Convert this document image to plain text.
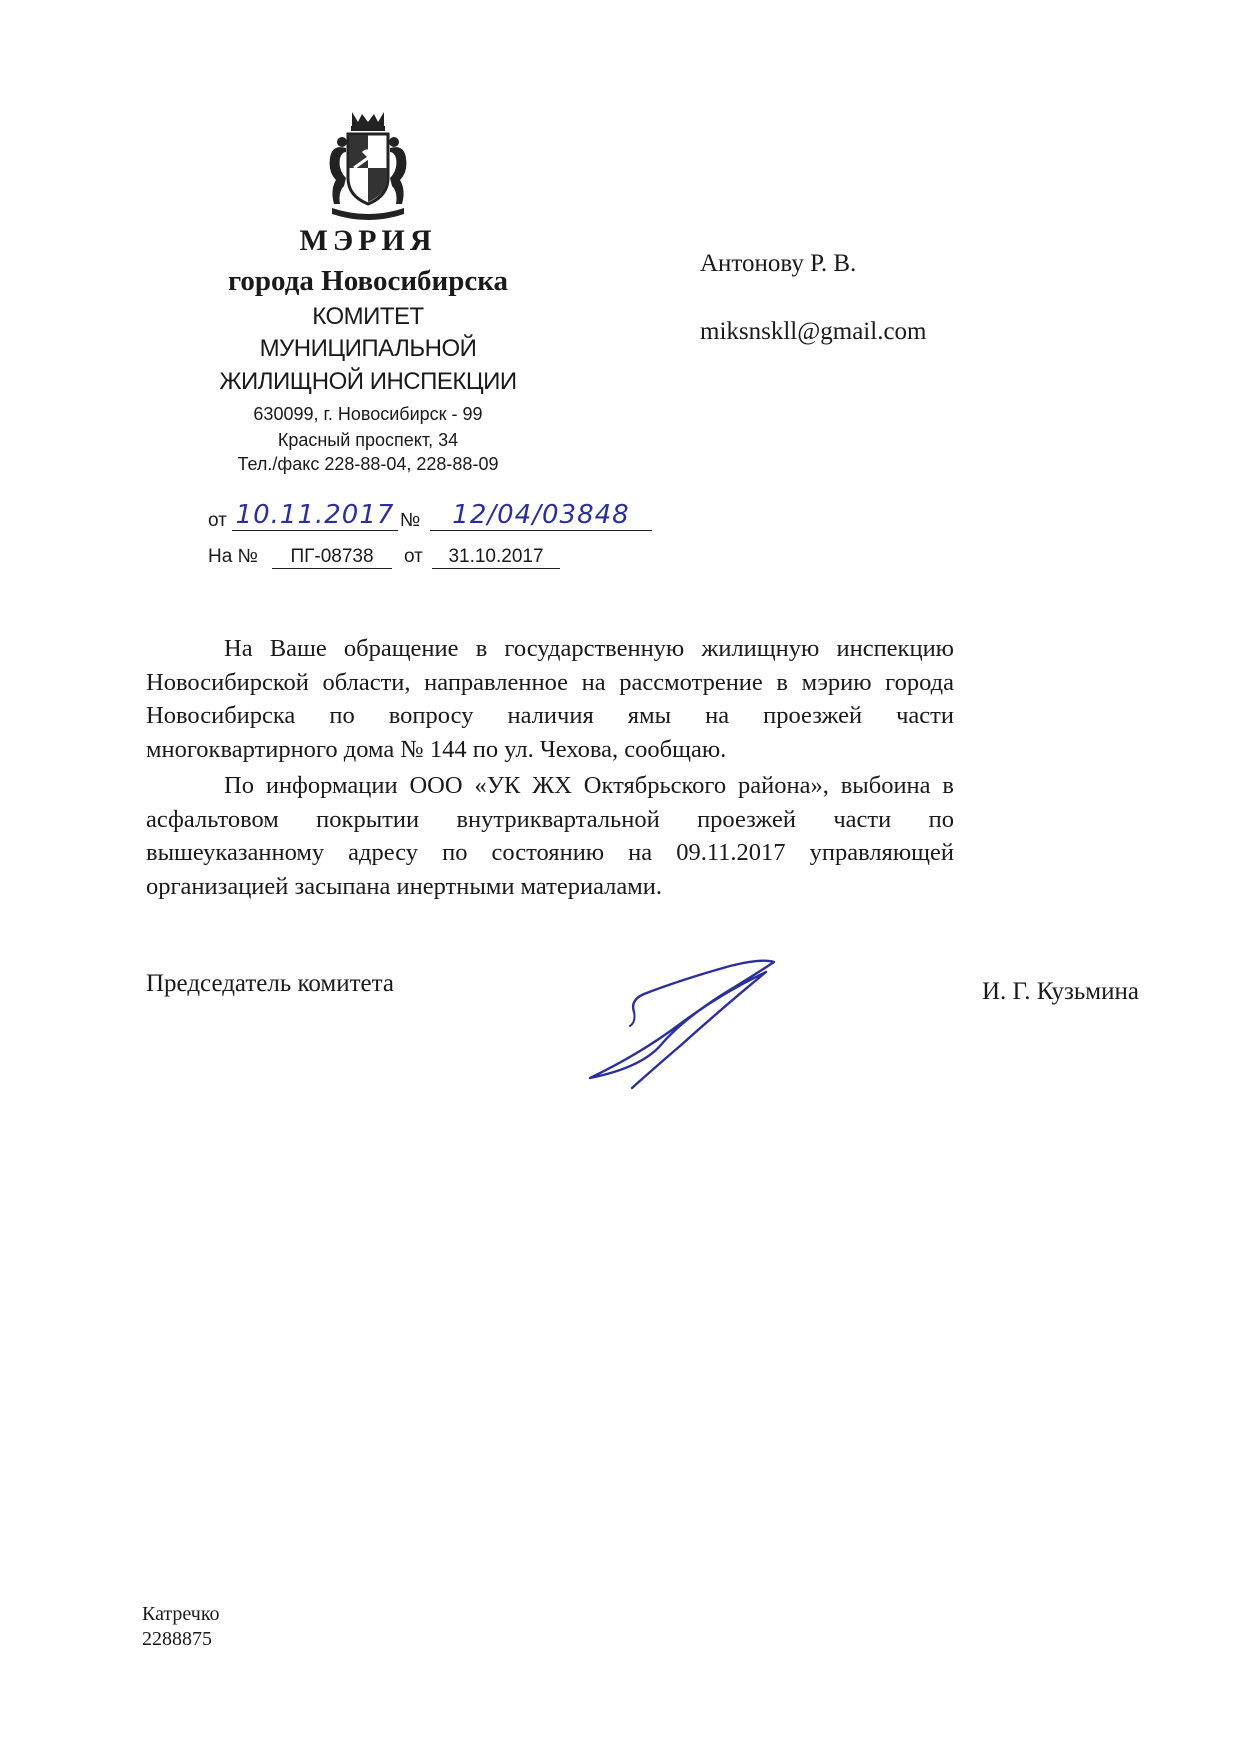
МЭРИЯ
города Новосибирска
КОМИТЕТ
МУНИЦИПАЛЬНОЙ
ЖИЛИЩНОЙ ИНСПЕКЦИИ
630099, г. Новосибирск - 99
Красный проспект, 34
Тел./факс 228-88-04, 228-88-09
от 10.11.2017 №	12/04/03848
На №	ПГ-08738	от	31.10.2017
Антонову Р. В.
miksnskll@gmail.com

На Ваше обращение в государственную жилищную инспекцию Новосибирской области, направленное на рассмотрение в мэрию города Новосибирска по вопросу наличия ямы на проезжей части многоквартирного дома № 144 по ул. Чехова, сообщаю.

По информации ООО «УК ЖХ Октябрьского района», выбоина в асфальтовом покрытии внутриквартальной проезжей части по вышеуказанному адресу по состоянию на 09.11.2017 управляющей организацией засыпана инертными материалами.

Председатель комитета	И. Г. Кузьмина
Катречко
2288875
